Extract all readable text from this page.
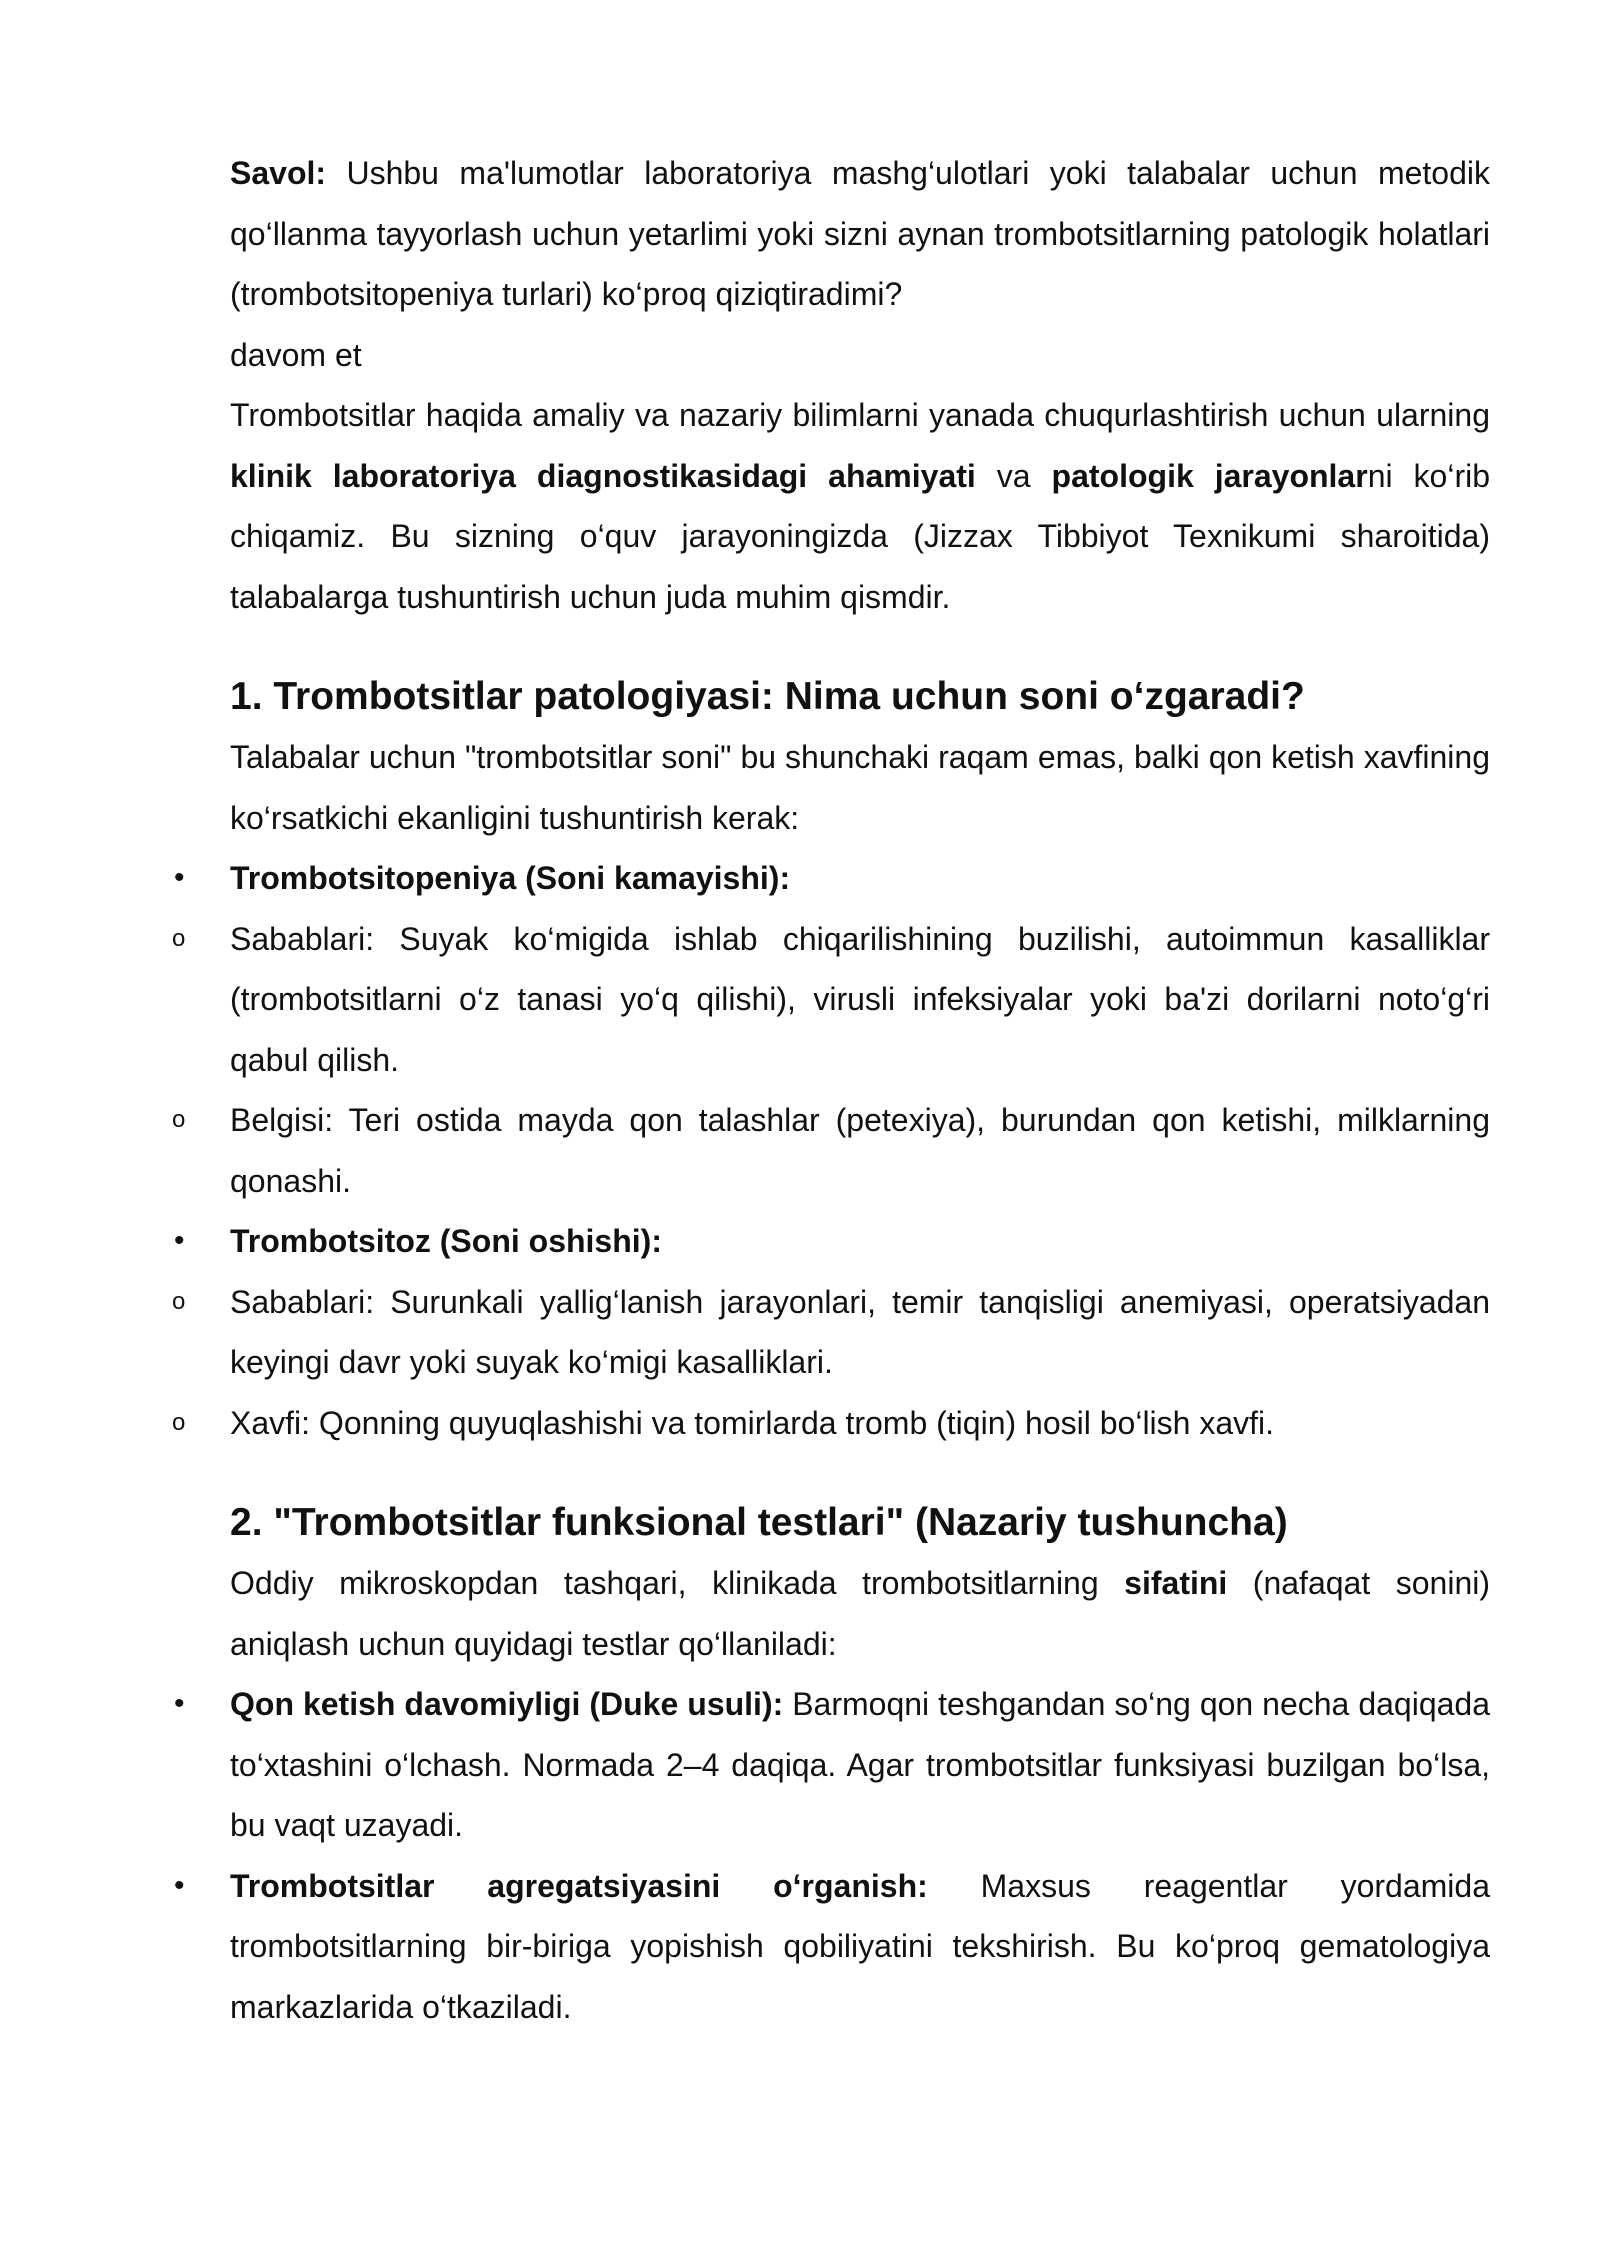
Savol: Ushbu ma'lumotlar laboratoriya mashg‘ulotlari yoki talabalar uchun metodik qo‘llanma tayyorlash uchun yetarlimi yoki sizni aynan trombotsitlarning patologik holatlari (trombotsitopeniya turlari) ko‘proq qiziqtiradimi?

davom et

Trombotsitlar haqida amaliy va nazariy bilimlarni yanada chuqurlashtirish uchun ularning klinik laboratoriya diagnostikasidagi ahamiyati va patologik jarayonlarni ko‘rib chiqamiz. Bu sizning o‘quv jarayoningizda (Jizzax Tibbiyot Texnikumi sharoitida) talabalarga tushuntirish uchun juda muhim qismdir.

1. Trombotsitlar patologiyasi: Nima uchun soni o‘zgaradi?

Talabalar uchun "trombotsitlar soni" bu shunchaki raqam emas, balki qon ketish xavfining ko‘rsatkichi ekanligini tushuntirish kerak:

•	Trombotsitopeniya (Soni kamayishi):

o	Sabablari: Suyak ko‘migida ishlab chiqarilishining buzilishi, autoimmun kasalliklar (trombotsitlarni o‘z tanasi yo‘q qilishi), virusli infeksiyalar yoki ba'zi dorilarni noto‘g‘ri qabul qilish.

o	Belgisi: Teri ostida mayda qon talashlar (petexiya), burundan qon ketishi, milklarning qonashi.

•	Trombotsitoz (Soni oshishi):

o	Sabablari: Surunkali yallig‘lanish jarayonlari, temir tanqisligi anemiyasi, operatsiyadan keyingi davr yoki suyak ko‘migi kasalliklari.

o	Xavfi: Qonning quyuqlashishi va tomirlarda tromb (tiqin) hosil bo‘lish xavfi.

2. "Trombotsitlar funksional testlari" (Nazariy tushuncha)

Oddiy mikroskopdan tashqari, klinikada trombotsitlarning sifatini (nafaqat sonini) aniqlash uchun quyidagi testlar qo‘llaniladi:

•	Qon ketish davomiyligi (Duke usuli): Barmoqni teshgandan so‘ng qon necha daqiqada to‘xtashini o‘lchash. Normada 2–4 daqiqa. Agar trombotsitlar funksiyasi buzilgan bo‘lsa, bu vaqt uzayadi.

•	Trombotsitlar agregatsiyasini o‘rganish: Maxsus reagentlar yordamida trombotsitlarning bir-biriga yopishish qobiliyatini tekshirish. Bu ko‘proq gematologiya markazlarida o‘tkaziladi.
